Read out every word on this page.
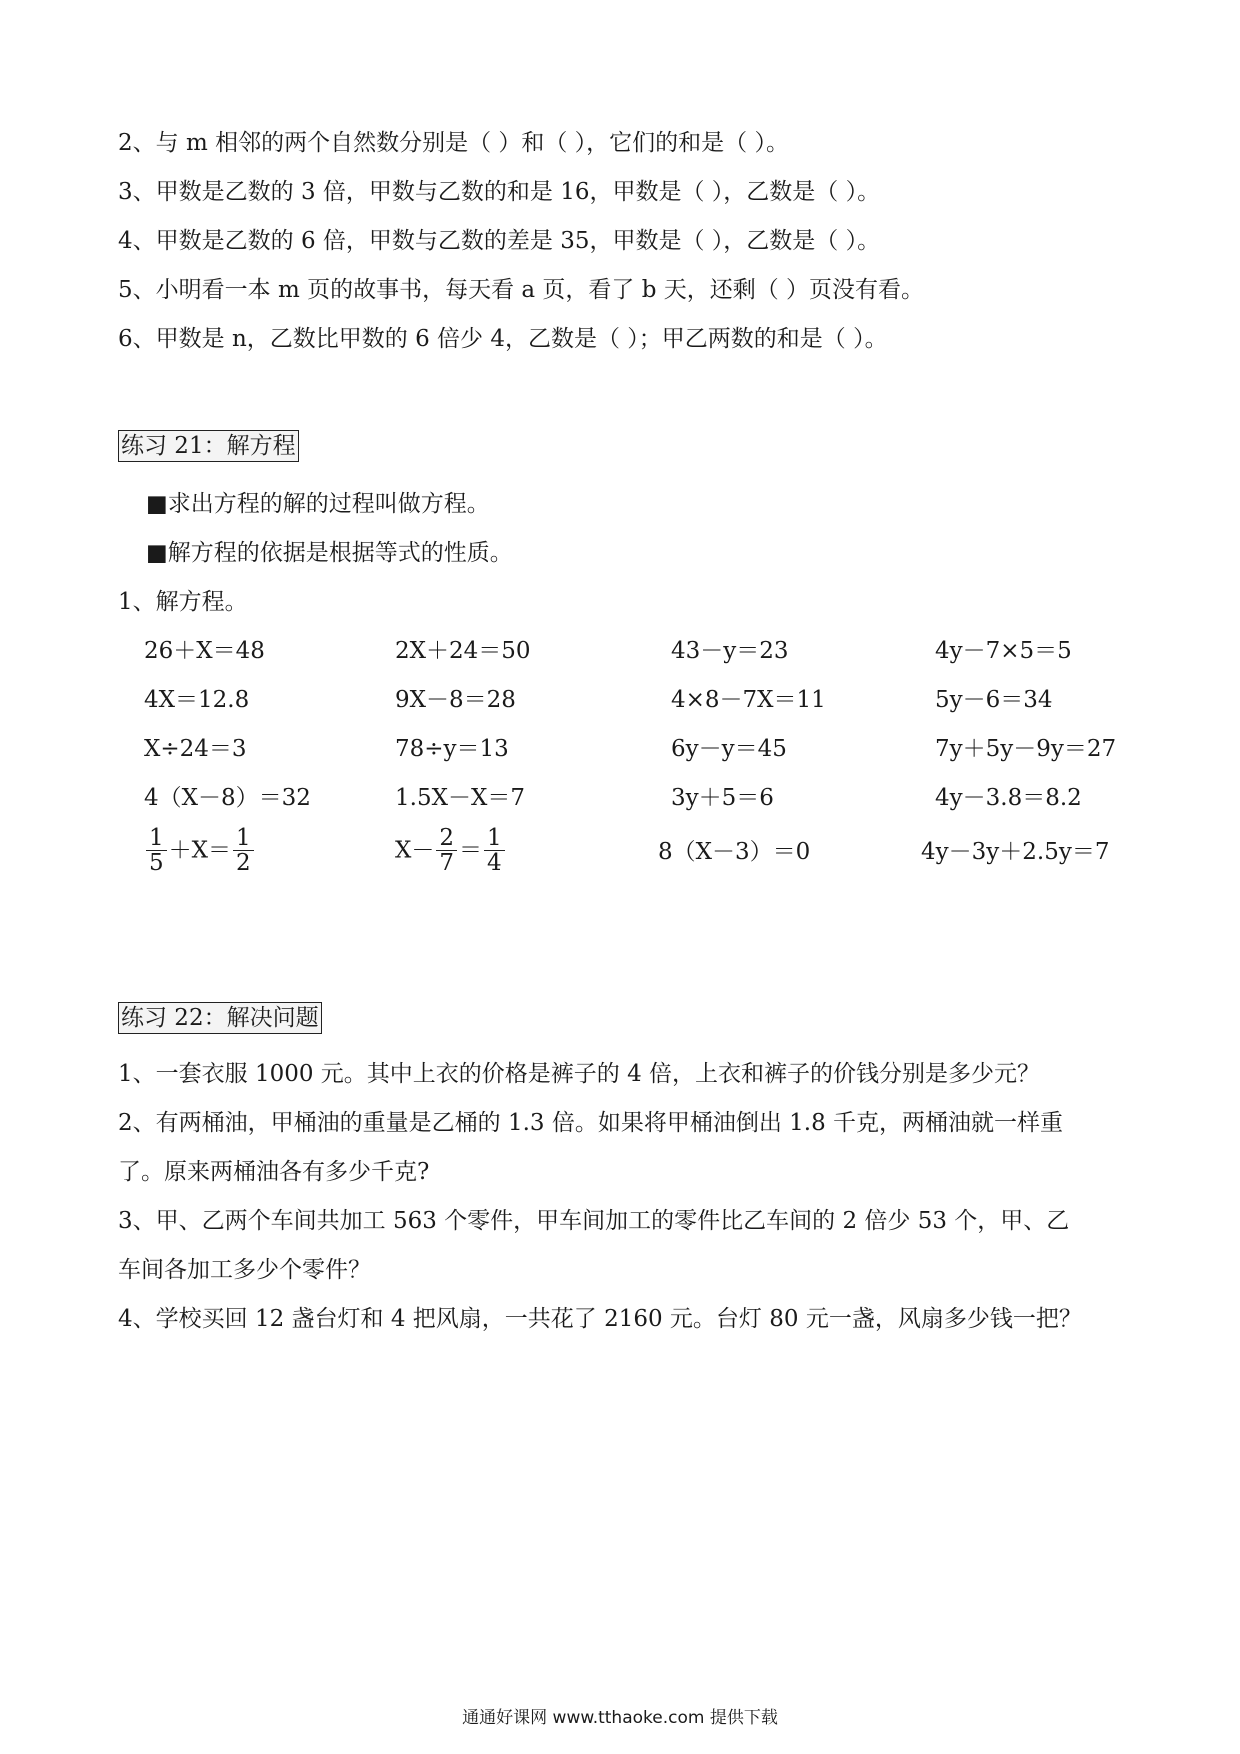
2、与 m 相邻的两个自然数分别是（ ）和（ ），它们的和是（ ）。
3、甲数是乙数的 3 倍，甲数与乙数的和是 16，甲数是（ ），乙数是（ ）。
4、甲数是乙数的 6 倍，甲数与乙数的差是 35，甲数是（ ），乙数是（ ）。
5、小明看一本 m 页的故事书，每天看 a 页，看了 b 天，还剩（ ）页没有看。
6、甲数是 n，乙数比甲数的 6 倍少 4，乙数是（ ）；甲乙两数的和是（ ）。
练习 21：解方程
■求出方程的解的过程叫做方程。
■解方程的依据是根据等式的性质。
1、解方程。
26＋X＝48	2X＋24＝50	43－y＝23	4y－7×5＝5
4X＝12.8	9X－8＝28	4×8－7X＝11	5y－6＝34
X÷24＝3	78÷y＝13	6y－y＝45	7y＋5y－9y＝27
4（X－8）＝32	1.5X－X＝7	3y＋5＝6	4y－3.8＝8.2
$\frac{1}{5} +X= \frac{1}{2}$	$X- \frac{2}{7} = \frac{1}{4}$	8（X－3）＝0	4y－3y＋2.5y＝7
练习 22：解决问题
1、一套衣服 1000 元。其中上衣的价格是裤子的 4 倍，上衣和裤子的价钱分别是多少元？
2、有两桶油，甲桶油的重量是乙桶的 1.3 倍。如果将甲桶油倒出 1.8 千克，两桶油就一样重
了。原来两桶油各有多少千克?
3、甲、乙两个车间共加工 563 个零件，甲车间加工的零件比乙车间的 2 倍少 53 个，甲、乙
车间各加工多少个零件？
4、学校买回 12 盏台灯和 4 把风扇，一共花了 2160 元。台灯 80 元一盏，风扇多少钱一把？
通通好课网 www.tthaoke.com 提供下载
